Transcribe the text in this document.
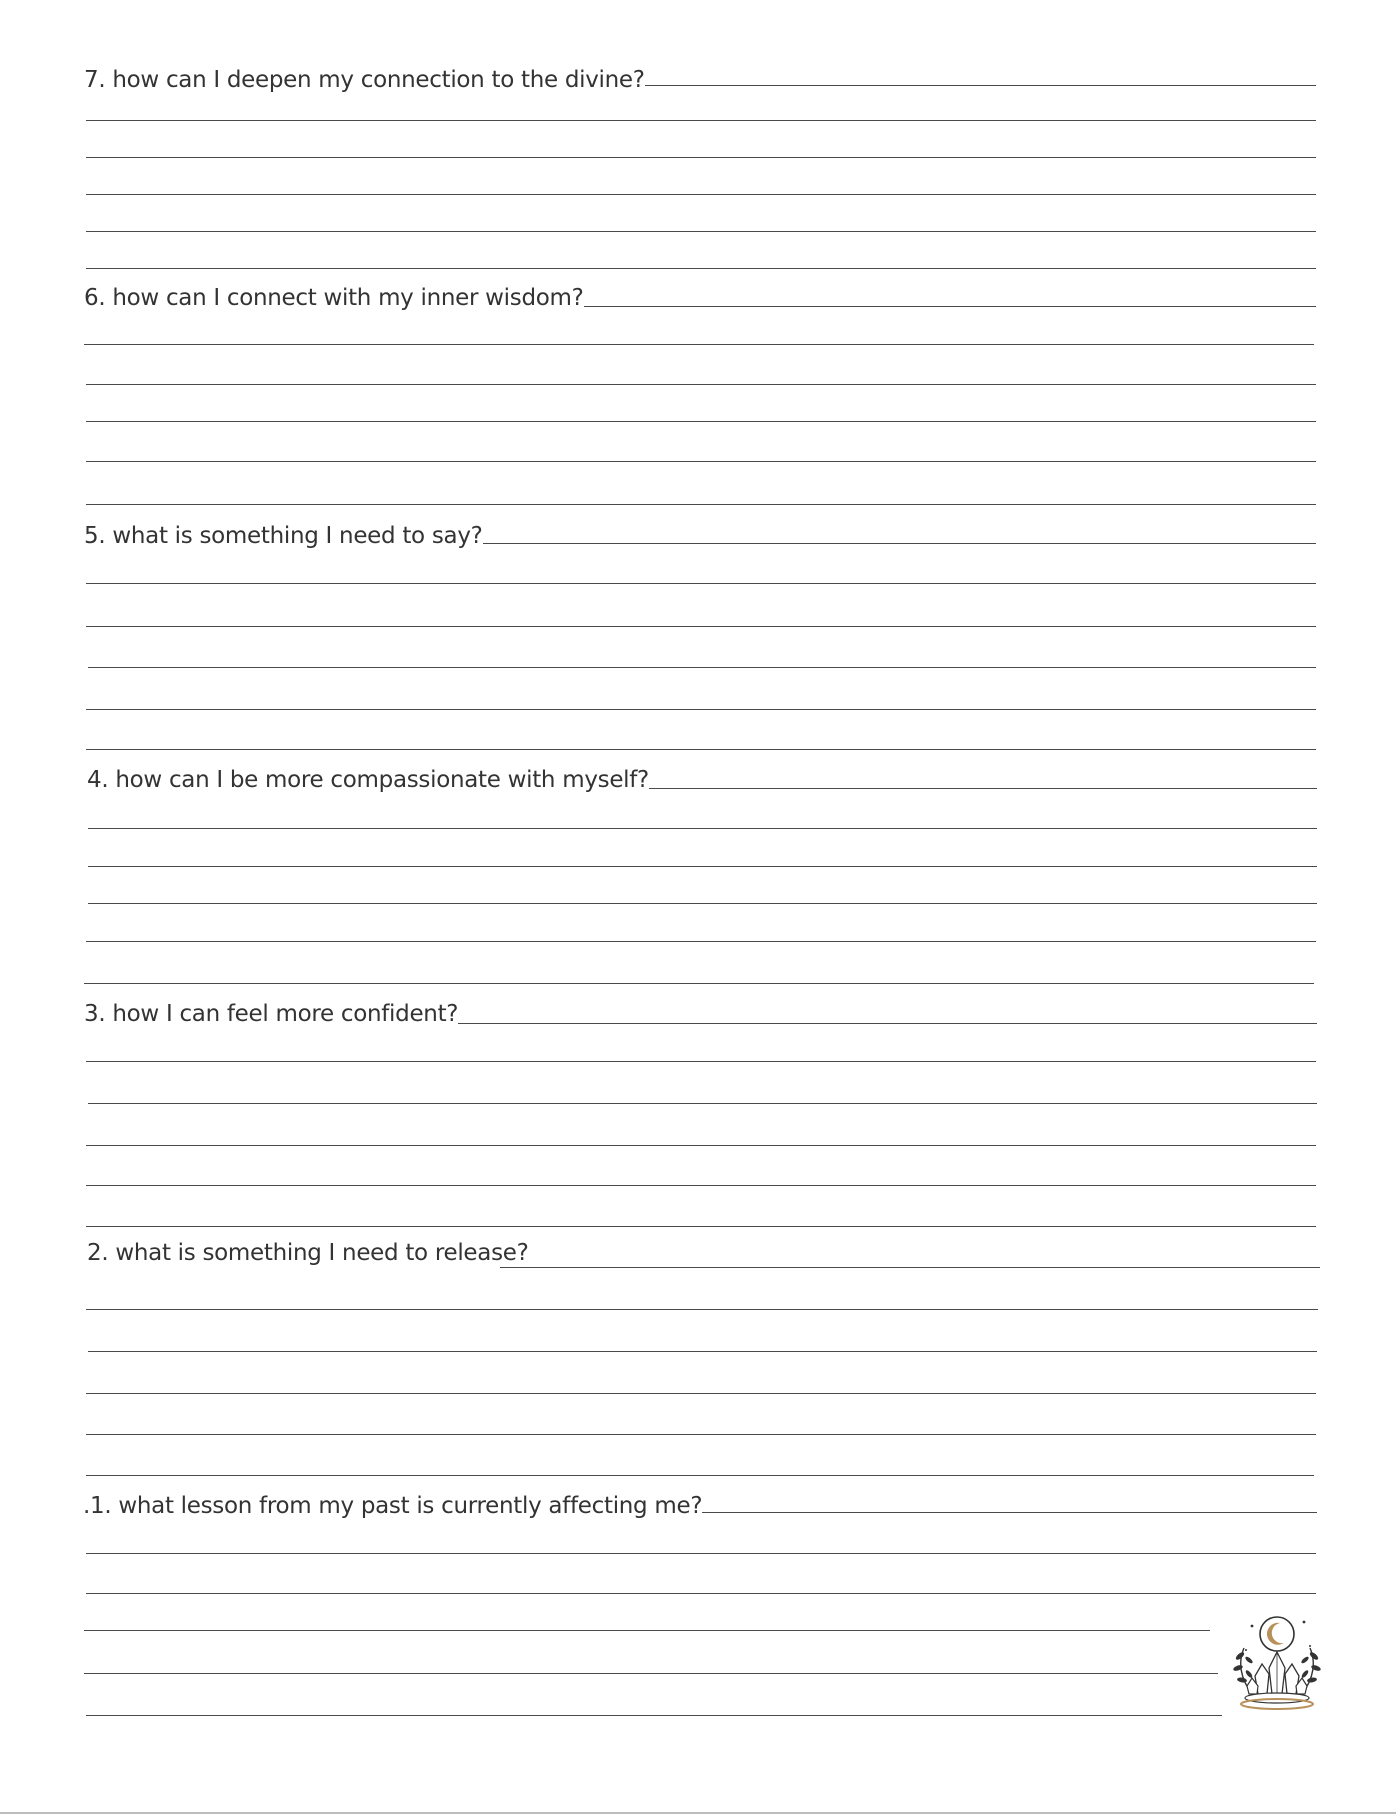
7. how can I deepen my connection to the divine?
6. how can I connect with my inner wisdom?
5. what is something I need to say?
4. how can I be more compassionate with myself?
3. how I can feel more confident?
2. what is something I need to release?
.1. what lesson from my past is currently affecting me?
